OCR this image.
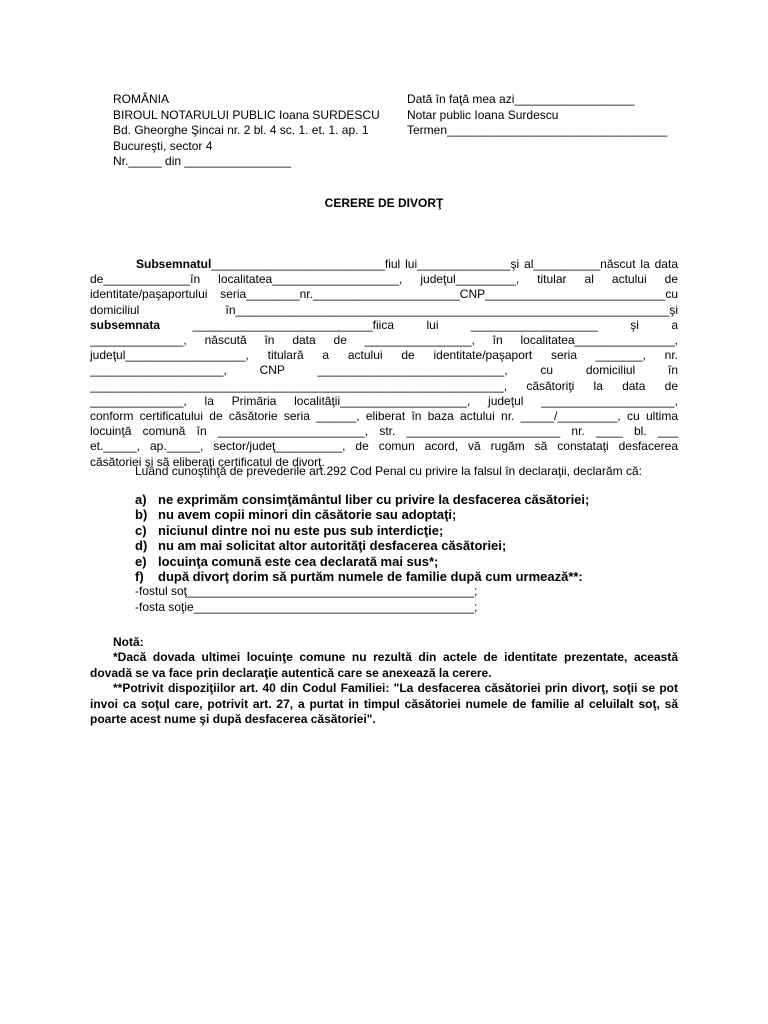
ROMÂNIA
BIROUL NOTARULUI PUBLIC Ioana SURDESCU
Bd. Gheorghe Şincai nr. 2 bl. 4 sc. 1. et. 1. ap. 1
Bucureşti, sector 4
Nr._____ din ________________
Dată în faţă mea azi__________________
Notar public Ioana Surdescu
Termen_________________________________
CERERE DE DIVORŢ

Subsemnatul__________________________fiul lui______________şi al__________născut la data

de_____________în localitatea___________________, judeţul_________, titular al actului de

identitate/paşaportului seria________nr.______________________CNP___________________________cu

domiciliul în_________________________________________________________________şi

subsemnata ___________________________fiica lui ___________________ şi a

______________, născută în data de ________________, în localitatea_______________,

judeţul__________________, titulară a actului de identitate/paşaport seria _______, nr.

____________________, CNP ____________________________, cu domiciliul în

______________________________________________________________, căsătoriţi la data de

______________, la Primăria localităţii___________________, judeţul ____________________,

conform certificatului de căsătorie seria ______, eliberat în baza actului nr. _____/_________, cu ultima

locuinţă comună în ______________________, str. _______________________ nr. ____ bl. ___

et._____, ap._____, sector/judeţ__________, de comun acord, vă rugăm să constataţi desfacerea

căsătoriei şi să eliberaţi certificatul de divorţ.

Luând cunoştinţă de prevederile art.292 Cod Penal cu privire la falsul în declaraţii, declarăm că:
a) ne exprimăm consimţământul liber cu privire la desfacerea căsătoriei;
b) nu avem copii minori din căsătorie sau adoptaţi;
c) niciunul dintre noi nu este pus sub interdicţie;
d) nu am mai solicitat altor autorităţi desfacerea căsătoriei;
e) locuinţa comună este cea declarată mai sus*;
f)	după divorţ dorim să purtăm numele de familie după cum urmează**:
-fostul soţ___________________________________________;
-fosta soţie__________________________________________;

Notă:

*Dacă dovada ultimei locuinţe comune nu rezultă din actele de identitate prezentate, această dovadă se va face prin declaraţie autentică care se anexează la cerere.

**Potrivit dispoziţiilor art. 40 din Codul Familiei: "La desfacerea căsătoriei prin divorţ, soţii se pot invoi ca soţul care, potrivit art. 27, a purtat in timpul căsătoriei numele de familie al celuilalt soţ, să poarte acest nume şi după desfacerea căsătoriei".
